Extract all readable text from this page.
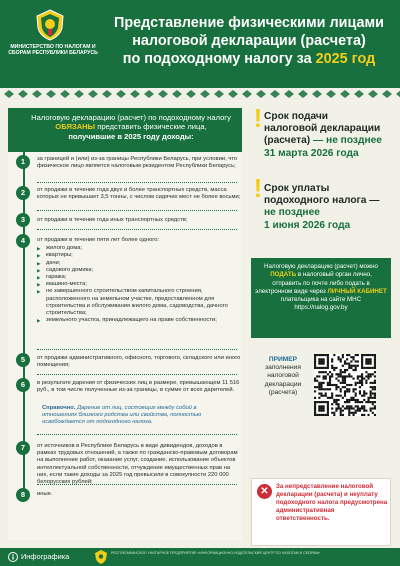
МИНИСТЕРСТВО ПО НАЛОГАМ И СБОРАМ РЕСПУБЛИКИ БЕЛАРУСЬ
Представление физическими лицами
налоговой декларации (расчета)
по подоходному налогу за 2025 год
Налоговую декларацию (расчет) по подоходному налогу ОБЯЗАНЫ представить физические лица,
получившие в 2025 году доходы:
1	за границей и (или) из-за границы Республики Беларусь, при условии, что физическое лицо является налоговым резидентом Республики Беларусь;
2	от продажи в течение года двух и более транспортных средств, масса которых не превышает 3,5 тонны, с числом сидячих мест не более восьми;
3	от продажи в течение года иных транспортных средств;
4	от продажи в течение пяти лет более одного:
▶ жилого дома;
▶ квартиры;
▶ дачи;
▶ садового домика;
▶ гаража;
▶ машино-места;
▶ не завершенного строительством капитального строения, расположенного на земельном участке, предоставленном для строительства и обслуживания жилого дома, садоводства, дачного строительства;
▶ земельного участка, принадлежащего на праве собственности;
5	от продажи административного, офисного, торгового, складского или иного помещения;
6	в результате дарения от физических лиц в размере, превышающем 11 516 руб., в том числе полученные из-за границы, в сумме от всех дарителей.
Справочно. Дарение от лиц, состоящих между собой в отношениях близкого родства или свойства, полностью освобождается от подоходного налога.
7	от источников в Республике Беларусь в виде дивидендов, доходов в рамках трудовых отношений, а также по гражданско-правовым договорам на выполнение работ, оказание услуг, создание, использование объектов интеллектуальной собственности, отчуждение имущественных прав на них, если такие доходы за 2025 год превысили в совокупности 220 000 белорусских рублей;
8	иные.
! Срок подачи
налоговой декларации
(расчета) — не позднее
31 марта 2026 года
! Срок уплаты
подоходного налога —
не позднее
1 июня 2026 года
Налоговую декларацию (расчет) можно ПОДАТЬ в налоговый орган лично, отправить по почте либо подать в электронном виде через ЛИЧНЫЙ КАБИНЕТ плательщика на сайте МНС https://nalog.gov.by
ПРИМЕР
заполнения налоговой декларации (расчета)
✕	За непредставление налоговой декларации (расчета) и неуплату подоходного налога предусмотрена административная ответственность.
Инфографика	РЕСПУБЛИКАНСКОЕ УНИТАРНОЕ ПРЕДПРИЯТИЕ «ИНФОРМАЦИОННО-ИЗДАТЕЛЬСКИЙ ЦЕНТР ПО НАЛОГАМ И СБОРАМ»
